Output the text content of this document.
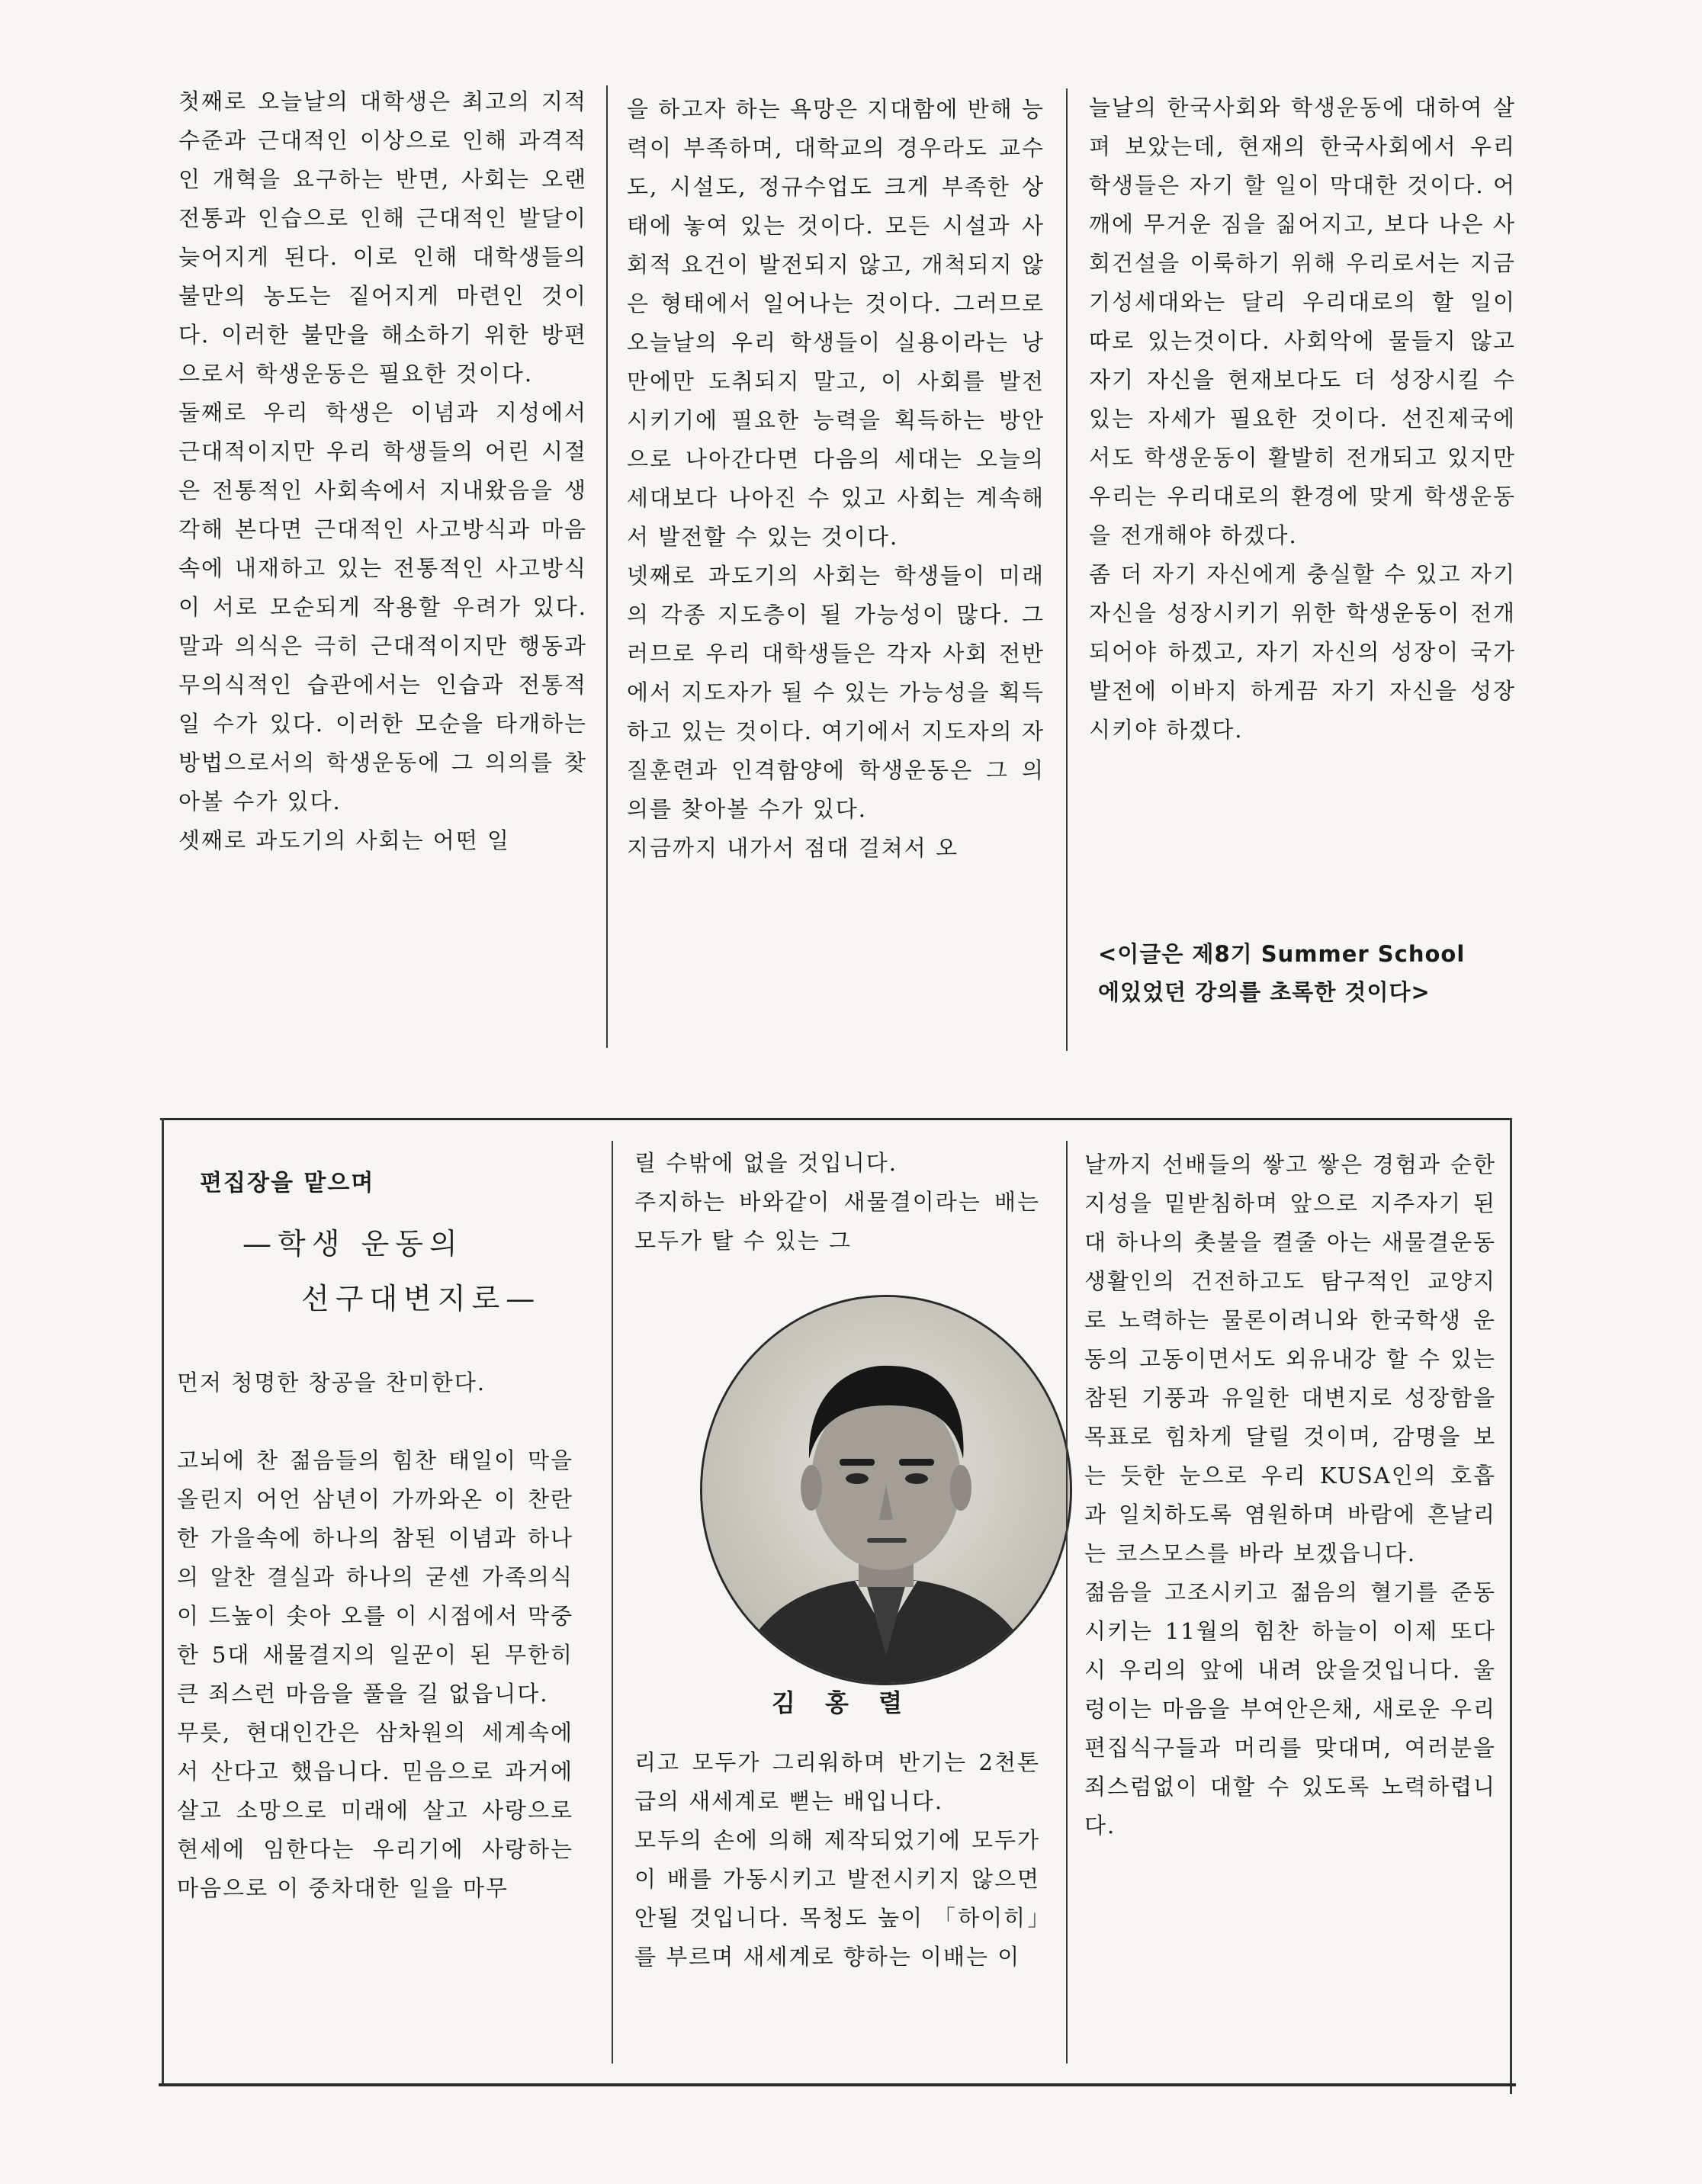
첫째로 오늘날의 대학생은 최고의 지적 수준과 근대적인 이상으로 인해 과격적인 개혁을 요구하는 반면, 사회는 오랜 전통과 인습으로 인해 근대적인 발달이 늦어지게 된다. 이로 인해 대학생들의 불만의 농도는 짙어지게 마련인 것이다. 이러한 불만을 해소하기 위한 방편으로서 학생운동은 필요한 것이다.
둘째로 우리 학생은 이념과 지성에서 근대적이지만 우리 학생들의 어린 시절은 전통적인 사회속에서 지내왔음을 생각해 본다면 근대적인 사고방식과 마음속에 내재하고 있는 전통적인 사고방식이 서로 모순되게 작용할 우려가 있다. 말과 의식은 극히 근대적이지만 행동과 무의식적인 습관에서는 인습과 전통적일 수가 있다. 이러한 모순을 타개하는 방법으로서의 학생운동에 그 의의를 찾아볼 수가 있다.
셋째로 과도기의 사회는 어떤 일
을 하고자 하는 욕망은 지대함에 반해 능력이 부족하며, 대학교의 경우라도 교수도, 시설도, 정규수업도 크게 부족한 상태에 놓여 있는 것이다. 모든 시설과 사회적 요건이 발전되지 않고, 개척되지 않은 형태에서 일어나는 것이다. 그러므로 오늘날의 우리 학생들이 실용이라는 낭만에만 도취되지 말고, 이 사회를 발전 시키기에 필요한 능력을 획득하는 방안으로 나아간다면 다음의 세대는 오늘의 세대보다 나아진 수 있고 사회는 계속해서 발전할 수 있는 것이다.
넷째로 과도기의 사회는 학생들이 미래의 각종 지도층이 될 가능성이 많다. 그러므로 우리 대학생들은 각자 사회 전반에서 지도자가 될 수 있는 가능성을 획득하고 있는 것이다. 여기에서 지도자의 자질훈련과 인격함양에 학생운동은 그 의의를 찾아볼 수가 있다.
지금까지 내가서 점대 걸쳐서 오
늘날의 한국사회와 학생운동에 대하여 살펴 보았는데, 현재의 한국사회에서 우리 학생들은 자기 할 일이 막대한 것이다. 어깨에 무거운 짐을 짊어지고, 보다 나은 사회건설을 이룩하기 위해 우리로서는 지금 기성세대와는 달리 우리대로의 할 일이 따로 있는것이다. 사회악에 물들지 않고 자기 자신을 현재보다도 더 성장시킬 수 있는 자세가 필요한 것이다. 선진제국에서도 학생운동이 활발히 전개되고 있지만 우리는 우리대로의 환경에 맞게 학생운동을 전개해야 하겠다.
좀 더 자기 자신에게 충실할 수 있고 자기 자신을 성장시키기 위한 학생운동이 전개되어야 하겠고, 자기 자신의 성장이 국가 발전에 이바지 하게끔 자기 자신을 성장시키야 하겠다.
<이글은 제8기 Summer School
에있었던 강의를 초록한 것이다>
편집장을 맡으며
—학생 운동의
선구대변지로—
먼저 청명한 창공을 찬미한다.

고뇌에 찬 젊음들의 힘찬 태일이 막을 올린지 어언 삼년이 가까와온 이 찬란한 가을속에 하나의 참된 이념과 하나의 알찬 결실과 하나의 굳센 가족의식이 드높이 솟아 오를 이 시점에서 막중한 5대 새물결지의 일꾼이 된 무한히 큰 죄스런 마음을 풀을 길 없읍니다.
무릇, 현대인간은 삼차원의 세계속에서 산다고 했읍니다. 믿음으로 과거에 살고 소망으로 미래에 살고 사랑으로 현세에 임한다는 우리기에 사랑하는 마음으로 이 중차대한 일을 마무
릴 수밖에 없을 것입니다.
주지하는 바와같이 새물결이라는 배는 모두가 탈 수 있는 그
김 홍 렬
리고 모두가 그리워하며 반기는 2천톤급의 새세계로 뻗는 배입니다.
모두의 손에 의해 제작되었기에 모두가 이 배를 가동시키고 발전시키지 않으면 안될 것입니다. 목청도 높이 「하이히」를 부르며 새세계로 향하는 이배는 이
날까지 선배들의 쌓고 쌓은 경험과 순한 지성을 밑받침하며 앞으로 지주자기 된대 하나의 촛불을 켤줄 아는 새물결운동 생활인의 건전하고도 탐구적인 교양지로 노력하는 물론이려니와 한국학생 운동의 고동이면서도 외유내강 할 수 있는 참된 기풍과 유일한 대변지로 성장함을 목표로 힘차게 달릴 것이며, 감명을 보는 듯한 눈으로 우리 KUSA인의 호흡과 일치하도록 염원하며 바람에 흔날리는 코스모스를 바라 보겠읍니다.
젊음을 고조시키고 젊음의 혈기를 준동시키는 11월의 힘찬 하늘이 이제 또다시 우리의 앞에 내려 앉을것입니다. 울렁이는 마음을 부여안은채, 새로운 우리 편집식구들과 머리를 맞대며, 여러분을 죄스럼없이 대할 수 있도록 노력하렵니다.
